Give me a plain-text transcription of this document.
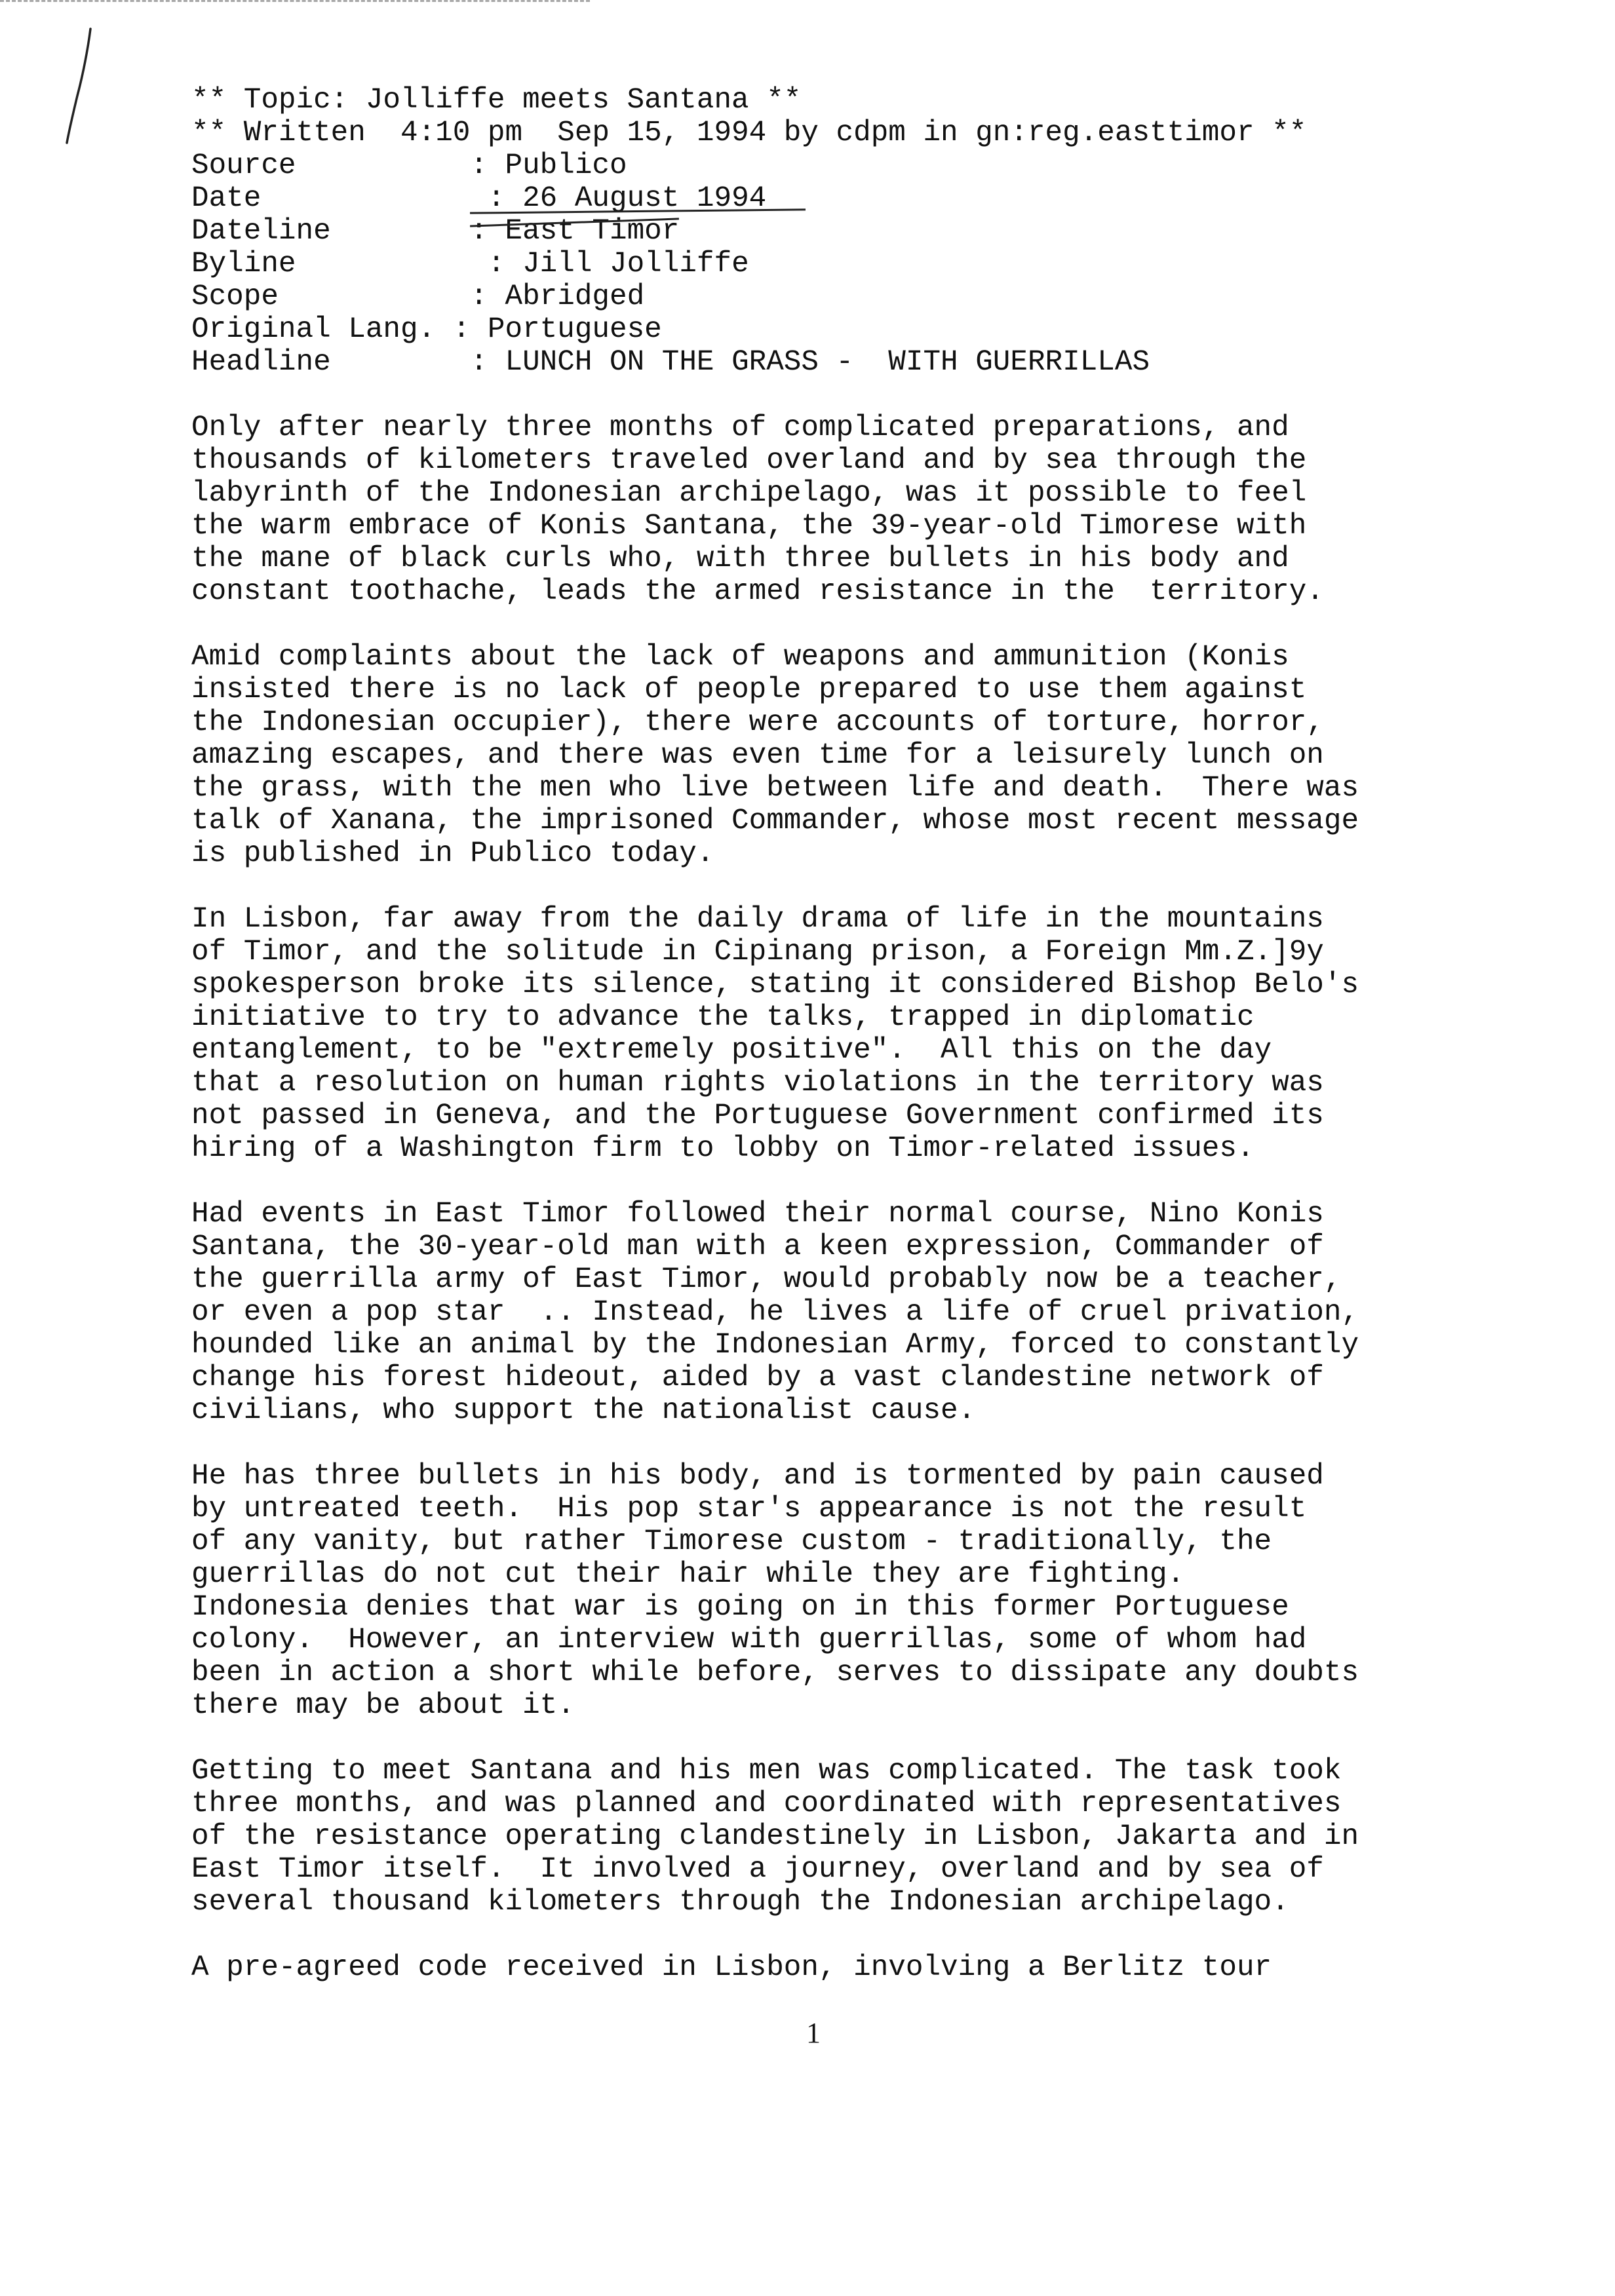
** Topic: Jolliffe meets Santana **
** Written  4:10 pm  Sep 15, 1994 by cdpm in gn:reg.easttimor **
Source          : Publico
Date             : 26 August 1994
Dateline        : East Timor
Byline           : Jill Jolliffe
Scope           : Abridged
Original Lang. : Portuguese
Headline        : LUNCH ON THE GRASS -  WITH GUERRILLAS
Only after nearly three months of complicated preparations, and
thousands of kilometers traveled overland and by sea through the
labyrinth of the Indonesian archipelago, was it possible to feel
the warm embrace of Konis Santana, the 39-year-old Timorese with
the mane of black curls who, with three bullets in his body and
constant toothache, leads the armed resistance in the  territory.
Amid complaints about the lack of weapons and ammunition (Konis
insisted there is no lack of people prepared to use them against
the Indonesian occupier), there were accounts of torture, horror,
amazing escapes, and there was even time for a leisurely lunch on
the grass, with the men who live between life and death.  There was
talk of Xanana, the imprisoned Commander, whose most recent message
is published in Publico today.
In Lisbon, far away from the daily drama of life in the mountains
of Timor, and the solitude in Cipinang prison, a Foreign Mm.Z.]9y
spokesperson broke its silence, stating it considered Bishop Belo's
initiative to try to advance the talks, trapped in diplomatic
entanglement, to be "extremely positive".  All this on the day
that a resolution on human rights violations in the territory was
not passed in Geneva, and the Portuguese Government confirmed its
hiring of a Washington firm to lobby on Timor-related issues.
Had events in East Timor followed their normal course, Nino Konis
Santana, the 30-year-old man with a keen expression, Commander of
the guerrilla army of East Timor, would probably now be a teacher,
or even a pop star  .. Instead, he lives a life of cruel privation,
hounded like an animal by the Indonesian Army, forced to constantly
change his forest hideout, aided by a vast clandestine network of
civilians, who support the nationalist cause.
He has three bullets in his body, and is tormented by pain caused
by untreated teeth.  His pop star's appearance is not the result
of any vanity, but rather Timorese custom - traditionally, the
guerrillas do not cut their hair while they are fighting.
Indonesia denies that war is going on in this former Portuguese
colony.  However, an interview with guerrillas, some of whom had
been in action a short while before, serves to dissipate any doubts
there may be about it.
Getting to meet Santana and his men was complicated. The task took
three months, and was planned and coordinated with representatives
of the resistance operating clandestinely in Lisbon, Jakarta and in
East Timor itself.  It involved a journey, overland and by sea of
several thousand kilometers through the Indonesian archipelago.
A pre-agreed code received in Lisbon, involving a Berlitz tour
1
